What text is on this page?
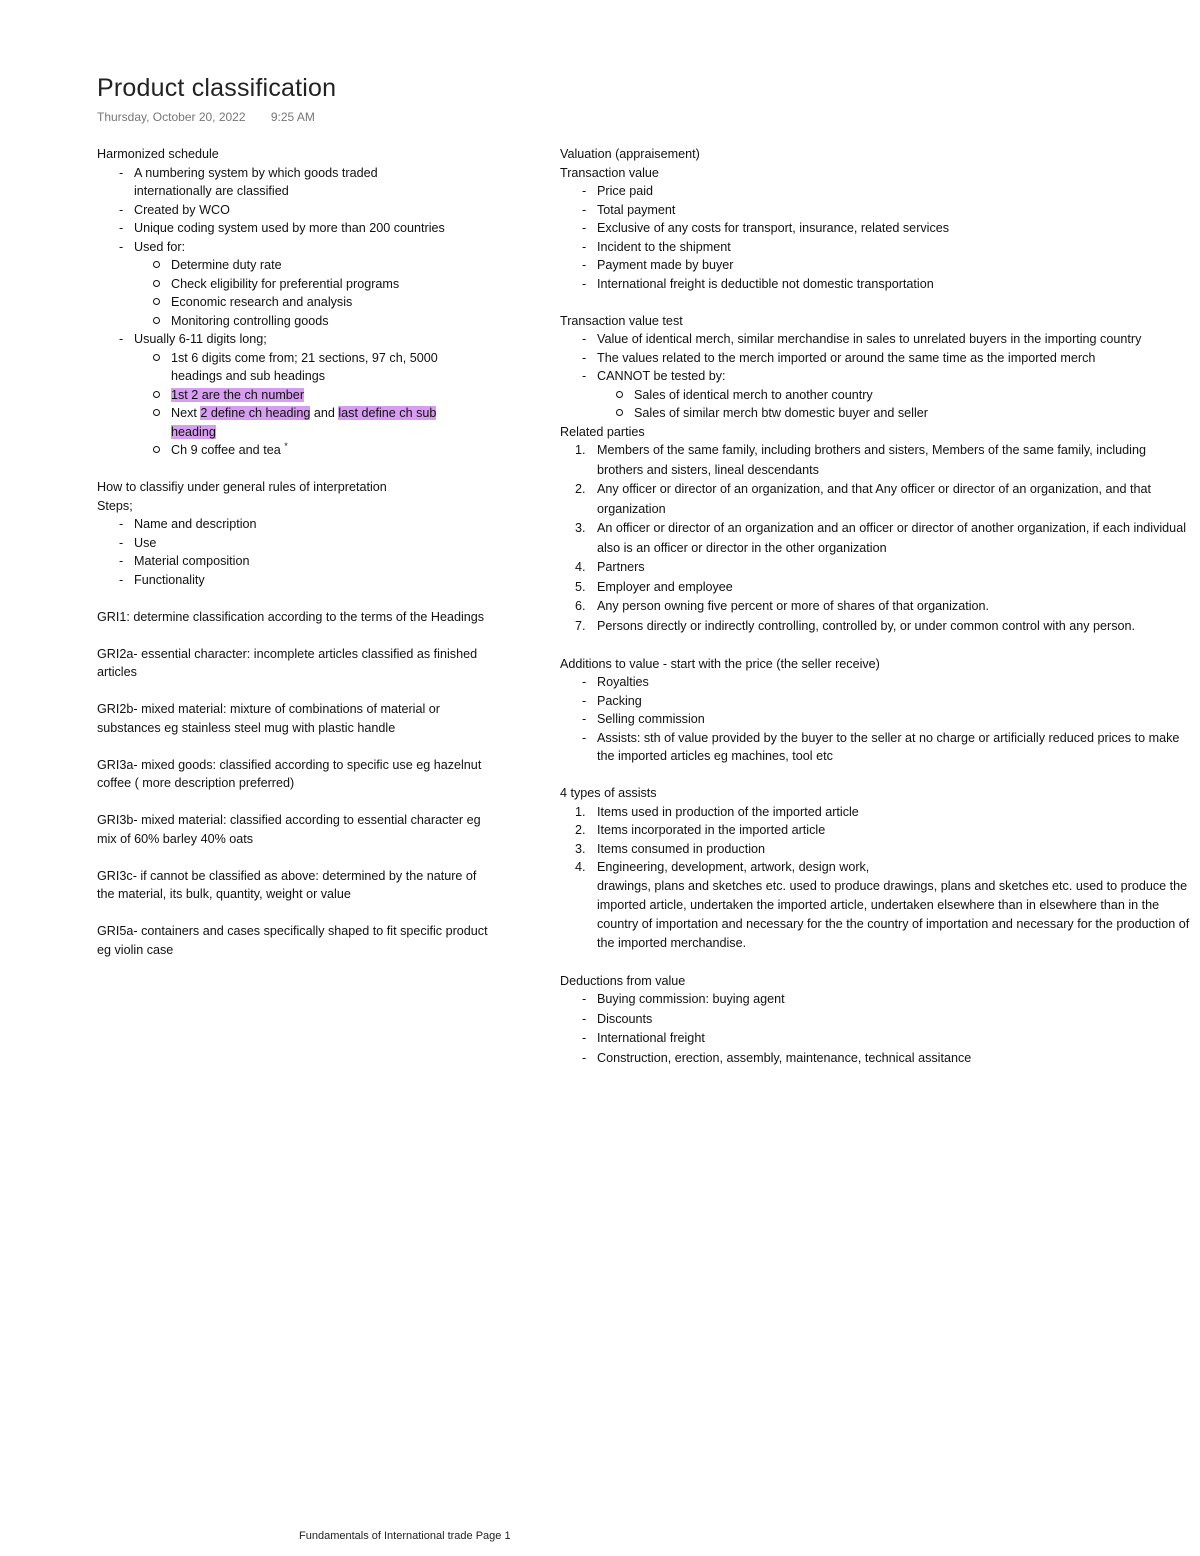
Product classification
Thursday, October 20, 2022 9:25 AM

Harmonized schedule

- A numbering system by which goods traded internationally are classified
- Created by WCO
- Unique coding system used by more than 200 countries
- Used for:
Determine duty rate
Check eligibility for preferential programs
Economic research and analysis
Monitoring controlling goods
- Usually 6-11 digits long;
1st 6 digits come from; 21 sections, 97 ch, 5000 headings and sub headings
1st 2 are the ch number
Next 2 define ch heading and last define ch sub heading
Ch 9 coffee and tea *

How to classifiy under general rules of interpretation

Steps;

- Name and description
- Use
- Material composition
- Functionality

GRI1: determine classification according to the terms of the Headings

GRI2a- essential character: incomplete articles classified as finished articles

GRI2b- mixed material: mixture of combinations of material or substances eg stainless steel mug with plastic handle

GRI3a- mixed goods: classified according to specific use eg hazelnut coffee ( more description preferred)

GRI3b- mixed material: classified according to essential character eg mix of 60% barley 40% oats

GRI3c- if cannot be classified as above: determined by the nature of the material, its bulk, quantity, weight or value

GRI5a- containers and cases specifically shaped to fit specific product eg violin case

Valuation (appraisement)

Transaction value

- Price paid
- Total payment
- Exclusive of any costs for transport, insurance, related services
- Incident to the shipment
- Payment made by buyer
- International freight is deductible not domestic transportation

Transaction value test

- Value of identical merch, similar merchandise in sales to unrelated buyers in the importing country
- The values related to the merch imported or around the same time as the imported merch
- CANNOT be tested by:
Sales of identical merch to another country
Sales of similar merch btw domestic buyer and seller

Related parties

Members of the same family, including brothers and sisters, Members of the same family, including brothers and sisters, lineal descendants
Any officer or director of an organization, and that Any officer or director of an organization, and that organization
An officer or director of an organization and an officer or director of another organization, if each individual also is an officer or director in the other organization
Partners
Employer and employee
Any person owning five percent or more of shares of that organization.
Persons directly or indirectly controlling, controlled by, or under common control with any person.

Additions to value - start with the price (the seller receive)

- Royalties
- Packing
- Selling commission
- Assists: sth of value provided by the buyer to the seller at no charge or artificially reduced prices to make the imported articles eg machines, tool etc

4 types of assists

Items used in production of the imported article
Items incorporated in the imported article
Items consumed in production
Engineering, development, artwork, design work,
drawings, plans and sketches etc. used to produce drawings, plans and sketches etc. used to produce the imported article, undertaken the imported article, undertaken elsewhere than in elsewhere than in the country of importation and necessary for the the country of importation and necessary for the production of the imported merchandise.

Deductions from value

- Buying commission: buying agent
- Discounts
- International freight
- Construction, erection, assembly, maintenance, technical assitance
Fundamentals of International trade Page 1
